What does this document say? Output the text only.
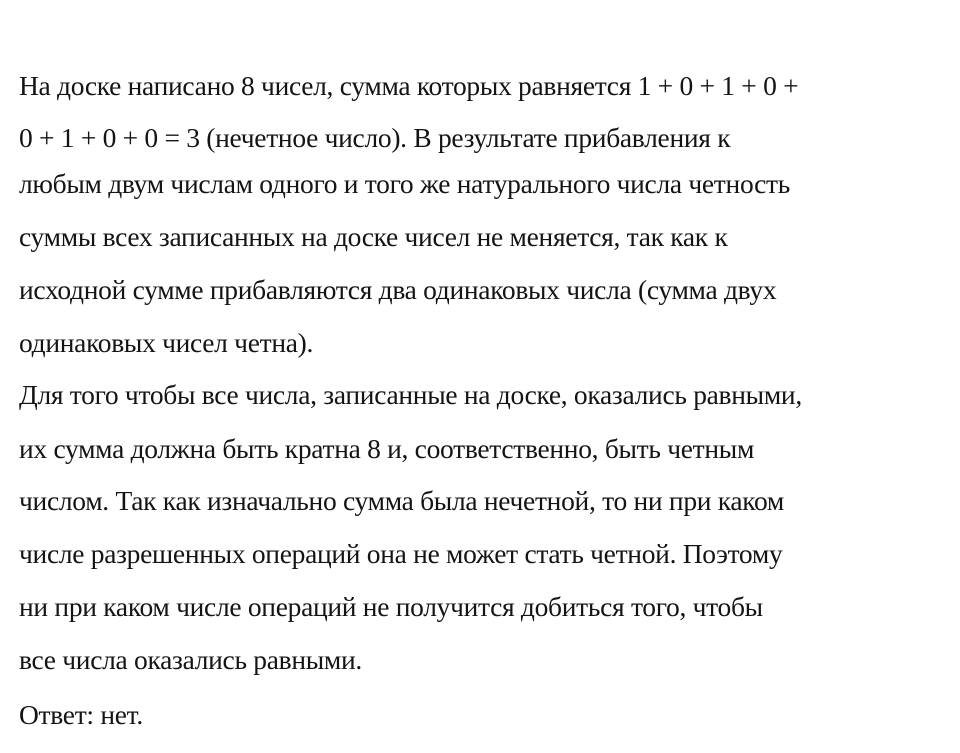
На доске написано 8 чисел, сумма которых равняется 1 + 0 + 1 + 0 +
0 + 1 + 0 + 0 = 3 (нечетное число). В результате прибавления к
любым двум числам одного и того же натурального числа четность
суммы всех записанных на доске чисел не меняется, так как к
исходной сумме прибавляются два одинаковых числа (сумма двух
одинаковых чисел четна).
Для того чтобы все числа, записанные на доске, оказались равными,
их сумма должна быть кратна 8 и, соответственно, быть четным
числом. Так как изначально сумма была нечетной, то ни при каком
числе разрешенных операций она не может стать четной. Поэтому
ни при каком числе операций не получится добиться того, чтобы
все числа оказались равными.
Ответ: нет.
